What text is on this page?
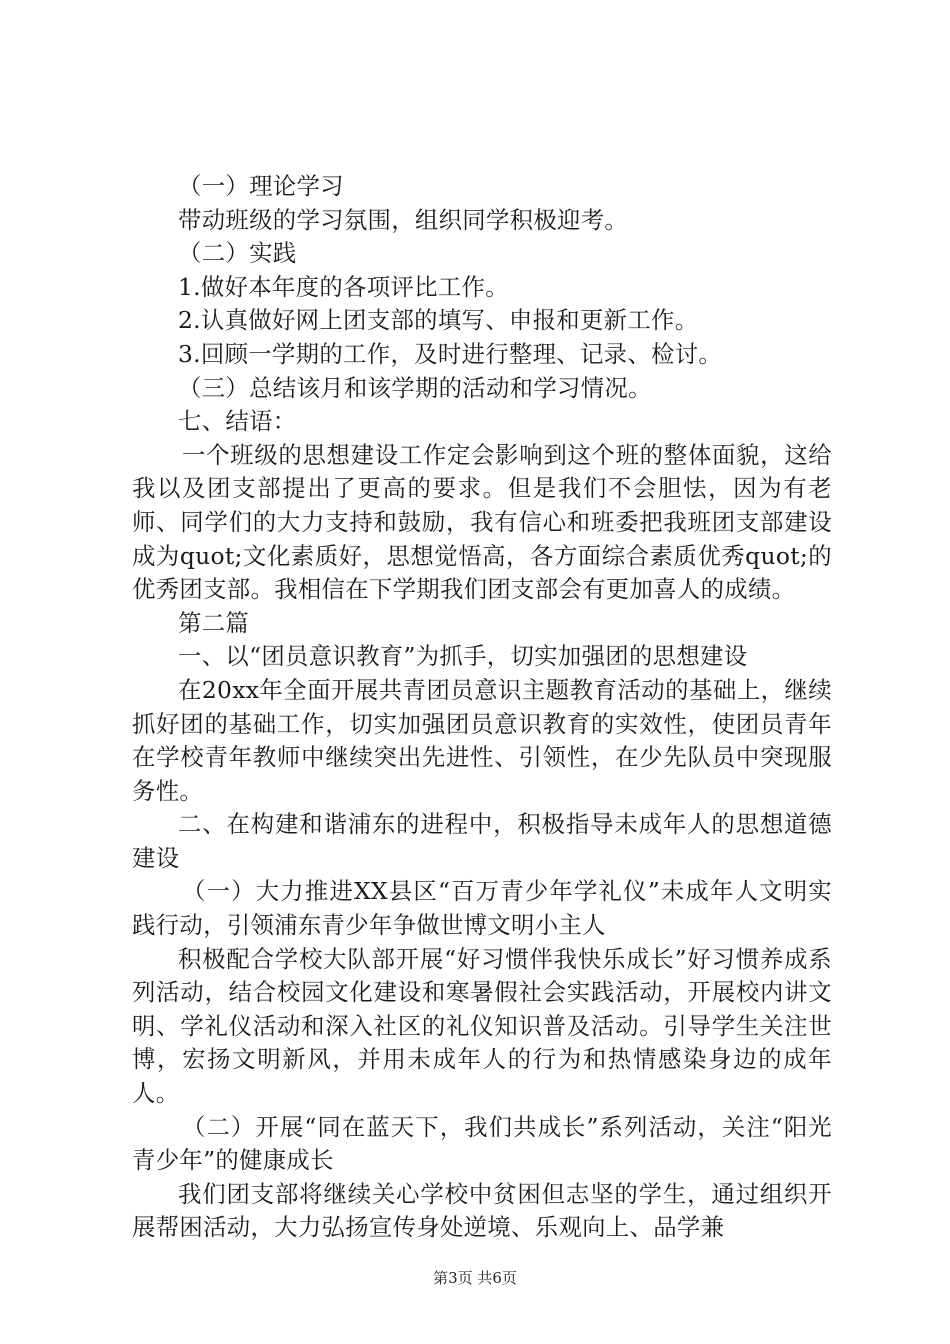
（一）理论学习

带动班级的学习氛围，组织同学积极迎考。

（二）实践

1.做好本年度的各项评比工作。

2.认真做好网上团支部的填写、申报和更新工作。

3.回顾一学期的工作，及时进行整理、记录、检讨。

（三）总结该月和该学期的活动和学习情况。

七、结语：

一个班级的思想建设工作定会影响到这个班的整体面貌，这给我以及团支部提出了更高的要求。但是我们不会胆怯，因为有老师、同学们的大力支持和鼓励，我有信心和班委把我班团支部建设成为quot;文化素质好，思想觉悟高，各方面综合素质优秀quot;的优秀团支部。我相信在下学期我们团支部会有更加喜人的成绩。

第二篇

一、以“团员意识教育”为抓手，切实加强团的思想建设

在20xx年全面开展共青团员意识主题教育活动的基础上，继续抓好团的基础工作，切实加强团员意识教育的实效性，使团员青年在学校青年教师中继续突出先进性、引领性，在少先队员中突现服务性。

二、在构建和谐浦东的进程中，积极指导未成年人的思想道德建设

（一）大力推进XX县区“百万青少年学礼仪”未成年人文明实践行动，引领浦东青少年争做世博文明小主人

积极配合学校大队部开展“好习惯伴我快乐成长”好习惯养成系列活动，结合校园文化建设和寒暑假社会实践活动，开展校内讲文明、学礼仪活动和深入社区的礼仪知识普及活动。引导学生关注世博，宏扬文明新风，并用未成年人的行为和热情感染身边的成年人。

（二）开展“同在蓝天下，我们共成长”系列活动，关注“阳光青少年”的健康成长

我们团支部将继续关心学校中贫困但志坚的学生，通过组织开展帮困活动，大力弘扬宣传身处逆境、乐观向上、品学兼

第3页 共6页
